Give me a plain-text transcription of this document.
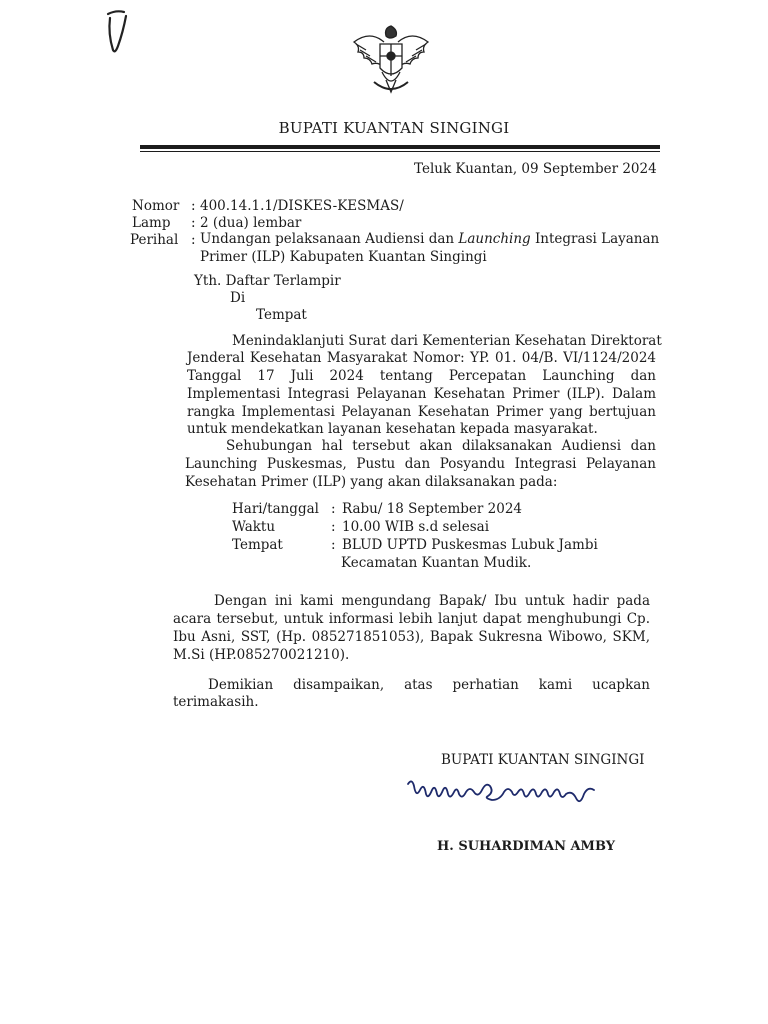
BUPATI KUANTAN SINGINGI
Teluk Kuantan, 09 September 2024
Nomor : 400.14.1.1/DISKES-KESMAS/
Lamp : 2 (dua) lembar
Perihal : Undangan pelaksanaan Audiensi dan Launching Integrasi Layanan
Primer (ILP) Kabupaten Kuantan Singingi
Yth. Daftar Terlampir
Di
Tempat
Menindaklanjuti Surat dari Kementerian Kesehatan Direktorat
Jenderal Kesehatan Masyarakat Nomor: YP. 01. 04/B. VI/1124/2024
Tanggal 17 Juli 2024 tentang Percepatan Launching dan
Implementasi Integrasi Pelayanan Kesehatan Primer (ILP). Dalam
rangka Implementasi Pelayanan Kesehatan Primer yang bertujuan
untuk mendekatkan layanan kesehatan kepada masyarakat.
Sehubungan hal tersebut akan dilaksanakan Audiensi dan
Launching Puskesmas, Pustu dan Posyandu Integrasi Pelayanan
Kesehatan Primer (ILP) yang akan dilaksanakan pada:
Hari/tanggal : Rabu/ 18 September 2024
Waktu	: 10.00 WIB s.d selesai
Tempat	: BLUD UPTD Puskesmas Lubuk Jambi
Kecamatan Kuantan Mudik.
Dengan ini kami mengundang Bapak/ Ibu untuk hadir pada
acara tersebut, untuk informasi lebih lanjut dapat menghubungi Cp.
Ibu Asni, SST, (Hp. 085271851053), Bapak Sukresna Wibowo, SKM,
M.Si (HP.085270021210).
Demikian disampaikan, atas perhatian kami ucapkan
terimakasih.
BUPATI KUANTAN SINGINGI
H. SUHARDIMAN AMBY
